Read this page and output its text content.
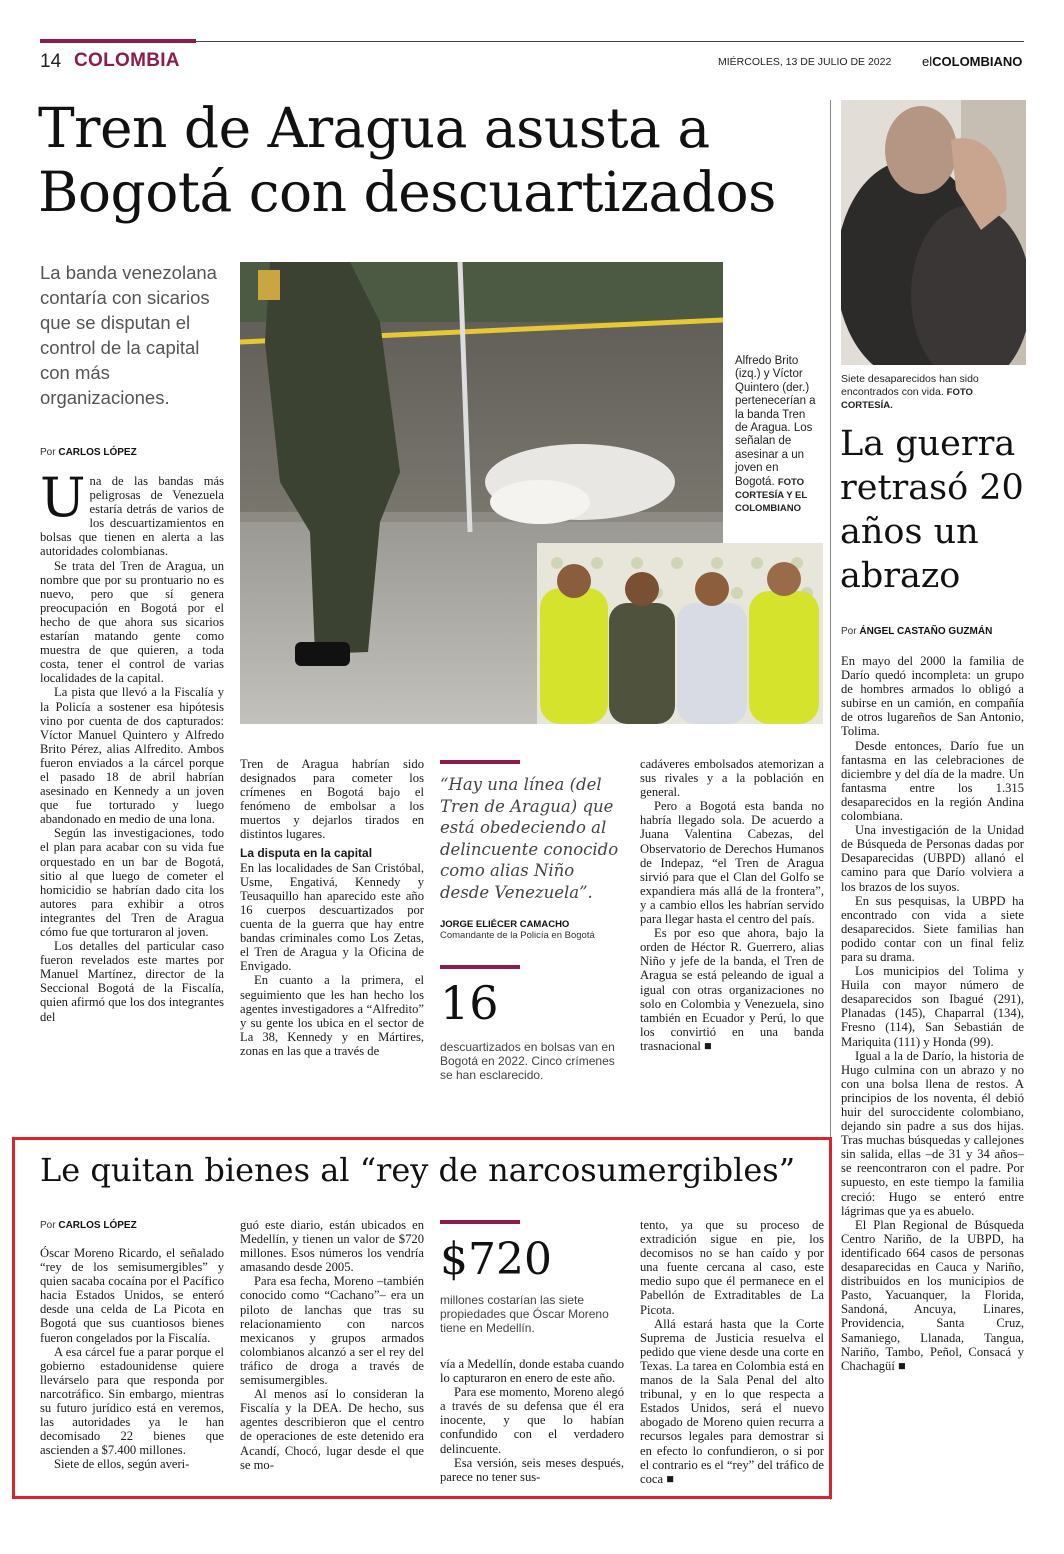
14 COLOMBIA	MIÉRCOLES, 13 DE JULIO DE 2022 elCOLOMBIANO
Tren de Aragua asusta a
Bogotá con descuartizados
La banda venezolana contaría con sicarios que se disputan el control de la capital con más organizaciones.
Por CARLOS LÓPEZ
Alfredo Brito (izq.) y Víctor Quintero (der.) pertenecerían a la banda Tren de Aragua. Los señalan de asesinar a un joven en Bogotá. FOTO CORTESÍA Y EL COLOMBIANO

Una de las bandas más peligrosas de Venezuela estaría detrás de varios de los descuartizamientos en bolsas que tienen en alerta a las autoridades colombianas.

Se trata del Tren de Aragua, un nombre que por su prontuario no es nuevo, pero que sí genera preocupación en Bogotá por el hecho de que ahora sus sicarios estarían matando gente como muestra de que quieren, a toda costa, tener el control de varias localidades de la capital.

La pista que llevó a la Fiscalía y la Policía a sostener esa hipótesis vino por cuenta de dos capturados: Víctor Manuel Quintero y Alfredo Brito Pérez, alias Alfredito. Ambos fueron enviados a la cárcel porque el pasado 18 de abril habrían asesinado en Kennedy a un joven que fue torturado y luego abandonado en medio de una lona.

Según las investigaciones, todo el plan para acabar con su vida fue orquestado en un bar de Bogotá, sitio al que luego de cometer el homicidio se habrían dado cita los autores para exhibir a otros integrantes del Tren de Aragua cómo fue que torturaron al joven.

Los detalles del particular caso fueron revelados este martes por Manuel Martínez, director de la Seccional Bogotá de la Fiscalía, quien afirmó que los dos integrantes del

Tren de Aragua habrían sido designados para cometer los crímenes en Bogotá bajo el fenómeno de embolsar a los muertos y dejarlos tirados en distintos lugares.

La disputa en la capital

En las localidades de San Cristóbal, Usme, Engativá, Kennedy y Teusaquillo han aparecido este año 16 cuerpos descuartizados por cuenta de la guerra que hay entre bandas criminales como Los Zetas, el Tren de Aragua y la Oficina de Envigado.

En cuanto a la primera, el seguimiento que les han hecho los agentes investigadores a “Alfredito” y su gente los ubica en el sector de La 38, Kennedy y en Mártires, zonas en las que a través de

“Hay una línea (del Tren de Aragua) que está obedeciendo al delincuente conocido como alias Niño desde Venezuela”.
JORGE ELIÉCER CAMACHO
Comandante de la Policía en Bogotá
16
descuartizados en bolsas van en Bogotá en 2022. Cinco crímenes se han esclarecido.

cadáveres embolsados atemorizan a sus rivales y a la población en general.

Pero a Bogotá esta banda no habría llegado sola. De acuerdo a Juana Valentina Cabezas, del Observatorio de Derechos Humanos de Indepaz, “el Tren de Aragua sirvió para que el Clan del Golfo se expandiera más allá de la frontera”, y a cambio ellos les habrían servido para llegar hasta el centro del país.

Es por eso que ahora, bajo la orden de Héctor R. Guerrero, alias Niño y jefe de la banda, el Tren de Aragua se está peleando de igual a igual con otras organizaciones no solo en Colombia y Venezuela, sino también en Ecuador y Perú, lo que los convirtió en una banda trasnacional ■

Siete desaparecidos han sido encontrados con vida. FOTO CORTESÍA.
La guerra retrasó 20 años un abrazo
Por ÁNGEL CASTAÑO GUZMÁN

En mayo del 2000 la familia de Darío quedó incompleta: un grupo de hombres armados lo obligó a subirse en un camión, en compañía de otros lugareños de San Antonio, Tolima.

Desde entonces, Darío fue un fantasma en las celebraciones de diciembre y del día de la madre. Un fantasma entre los 1.315 desaparecidos en la región Andina colombiana.

Una investigación de la Unidad de Búsqueda de Personas dadas por Desaparecidas (UBPD) allanó el camino para que Darío volviera a los brazos de los suyos.

En sus pesquisas, la UBPD ha encontrado con vida a siete desaparecidos. Siete familias han podido contar con un final feliz para su drama.

Los municipios del Tolima y Huila con mayor número de desaparecidos son Ibagué (291), Planadas (145), Chaparral (134), Fresno (114), San Sebastián de Mariquita (111) y Honda (99).

Igual a la de Darío, la historia de Hugo culmina con un abrazo y no con una bolsa llena de restos. A principios de los noventa, él debió huir del suroccidente colombiano, dejando sin padre a sus dos hijas. Tras muchas búsquedas y callejones sin salida, ellas –de 31 y 34 años– se reencontraron con el padre. Por supuesto, en este tiempo la familia creció: Hugo se enteró entre lágrimas que ya es abuelo.

El Plan Regional de Búsqueda Centro Nariño, de la UBPD, ha identificado 664 casos de personas desaparecidas en Cauca y Nariño, distribuidos en los municipios de Pasto, Yacuanquer, la Florida, Sandoná, Ancuya, Linares, Providencia, Santa Cruz, Samaniego, Llanada, Tangua, Nariño, Tambo, Peñol, Consacá y Chachagüí ■

Le quitan bienes al “rey de narcosumergibles”
Por CARLOS LÓPEZ

Óscar Moreno Ricardo, el señalado “rey de los semisumergibles” y quien sacaba cocaína por el Pacífico hacia Estados Unidos, se enteró desde una celda de La Picota en Bogotá que sus cuantiosos bienes fueron congelados por la Fiscalía.

A esa cárcel fue a parar porque el gobierno estadounidense quiere llevárselo para que responda por narcotráfico. Sin embargo, mientras su futuro jurídico está en veremos, las autoridades ya le han decomisado 22 bienes que ascienden a $7.400 millones.

Siete de ellos, según averi-

guó este diario, están ubicados en Medellín, y tienen un valor de $720 millones. Esos números los vendría amasando desde 2005.

Para esa fecha, Moreno –también conocido como “Cachano”– era un piloto de lanchas que tras su relacionamiento con narcos mexicanos y grupos armados colombianos alcanzó a ser el rey del tráfico de droga a través de semisumergibles.

Al menos así lo consideran la Fiscalía y la DEA. De hecho, sus agentes describieron que el centro de operaciones de este detenido era Acandí, Chocó, lugar desde el que se mo-

$720
millones costarían las siete propiedades que Óscar Moreno tiene en Medellín.

vía a Medellín, donde estaba cuando lo capturaron en enero de este año.

Para ese momento, Moreno alegó a través de su defensa que él era inocente, y que lo habían confundido con el verdadero delincuente.

Esa versión, seis meses después, parece no tener sus-

tento, ya que su proceso de extradición sigue en pie, los decomisos no se han caído y por una fuente cercana al caso, este medio supo que él permanece en el Pabellón de Extraditables de La Picota.

Allá estará hasta que la Corte Suprema de Justicia resuelva el pedido que viene desde una corte en Texas. La tarea en Colombia está en manos de la Sala Penal del alto tribunal, y en lo que respecta a Estados Unidos, será el nuevo abogado de Moreno quien recurra a recursos legales para demostrar si en efecto lo confundieron, o si por el contrario es el “rey” del tráfico de coca ■
